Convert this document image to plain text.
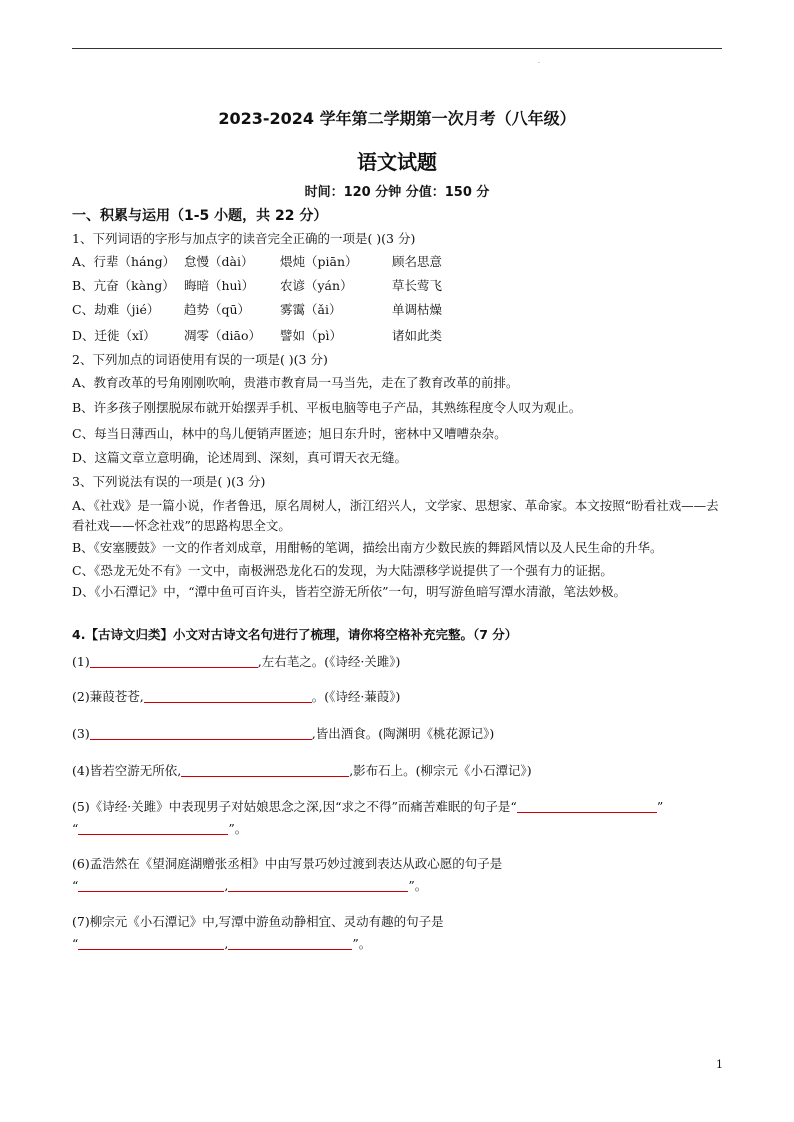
.
2023-2024 学年第二学期第一次月考（八年级）
语文试题
时间：120 分钟 分值：150 分
一、积累与运用（1-5 小题，共 22 分）
1、下列词语的字形与加点字的读音完全正确的一项是( )(3 分)
A、行辈（háng） 怠慢（dài） 煨炖（piān）	顾名思意
B、亢奋（kàng） 晦暗（huì） 农谚（yán）	草长莺飞
C、劫难（jié） 趋势（qū） 雾霭（ǎi）	单调枯燥
D、迁徙（xǐ） 凋零（diāo） 譬如（pì）	诸如此类
2、下列加点的词语使用有误的一项是( )(3 分)
A、教育改革的号角刚刚吹响，贵港市教育局一马当先，走在了教育改革的前排。
B、许多孩子刚摆脱尿布就开始摆弄手机、平板电脑等电子产品，其熟练程度令人叹为观止。
C、每当日薄西山，林中的鸟儿便销声匿迹；旭日东升时，密林中又嘈嘈杂杂。
D、这篇文章立意明确，论述周到、深刻，真可谓天衣无缝。
3、下列说法有误的一项是( )(3 分)
A、《社戏》是一篇小说，作者鲁迅，原名周树人，浙江绍兴人，文学家、思想家、革命家。本文按照“盼看社戏——去看社戏——怀念社戏”的思路构思全文。
B、《安塞腰鼓》一文的作者刘成章，用酣畅的笔调，描绘出南方少数民族的舞蹈风情以及人民生命的升华。
C、《恐龙无处不有》一文中，南极洲恐龙化石的发现，为大陆漂移学说提供了一个强有力的证据。
D、《小石潭记》中，“潭中鱼可百许头，皆若空游无所依”一句，明写游鱼暗写潭水清澈，笔法妙极。
4.【古诗文归类】小文对古诗文名句进行了梳理，请你将空格补充完整。（7 分）
(1)	,左右芼之。(《诗经·关雎》)
(2)蒹葭苍苍,	。(《诗经·蒹葭》)
(3)	,皆出酒食。(陶渊明《桃花源记》)
(4)皆若空游无所依,	,影布石上。(柳宗元《小石潭记》)
(5)《诗经·关雎》中表现男子对姑娘思念之深,因“求之不得”而痛苦难眠的句子是“	”
“	”。
(6)孟浩然在《望洞庭湖赠张丞相》中由写景巧妙过渡到表达从政心愿的句子是
“	,	”。
(7)柳宗元《小石潭记》中,写潭中游鱼动静相宜、灵动有趣的句子是
“	,	”。
1
